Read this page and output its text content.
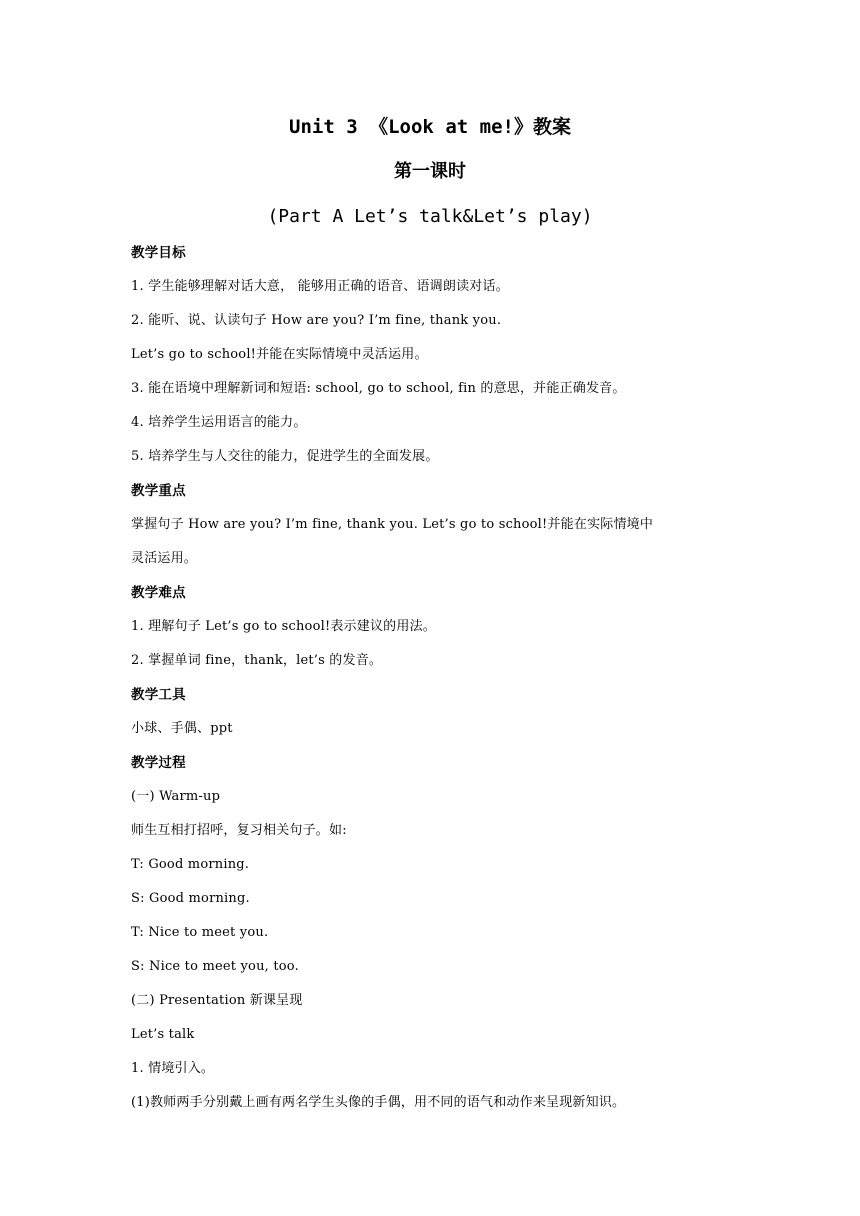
Unit 3 《Look at me!》教案
第一课时
(Part A Let’s talk&Let’s play)
教学目标
1. 学生能够理解对话大意， 能够用正确的语音、语调朗读对话。
2. 能听、说、认读句子 How are you? I’m fine, thank you.
Let’s go to school!并能在实际情境中灵活运用。
3. 能在语境中理解新词和短语: school, go to school, fin 的意思，并能正确发音。
4. 培养学生运用语言的能力。
5. 培养学生与人交往的能力，促进学生的全面发展。
教学重点
掌握句子 How are you? I’m fine, thank you. Let’s go to school!并能在实际情境中
灵活运用。
教学难点
1. 理解句子 Let’s go to school!表示建议的用法。
2. 掌握单词 fine，thank，let’s 的发音。
教学工具
小球、手偶、ppt
教学过程
(一) Warm-up
师生互相打招呼，复习相关句子。如:
T: Good morning.
S: Good morning.
T: Nice to meet you.
S: Nice to meet you, too.
(二) Presentation 新课呈现
Let’s talk
1. 情境引入。
(1)教师两手分别戴上画有两名学生头像的手偶，用不同的语气和动作来呈现新知识。
